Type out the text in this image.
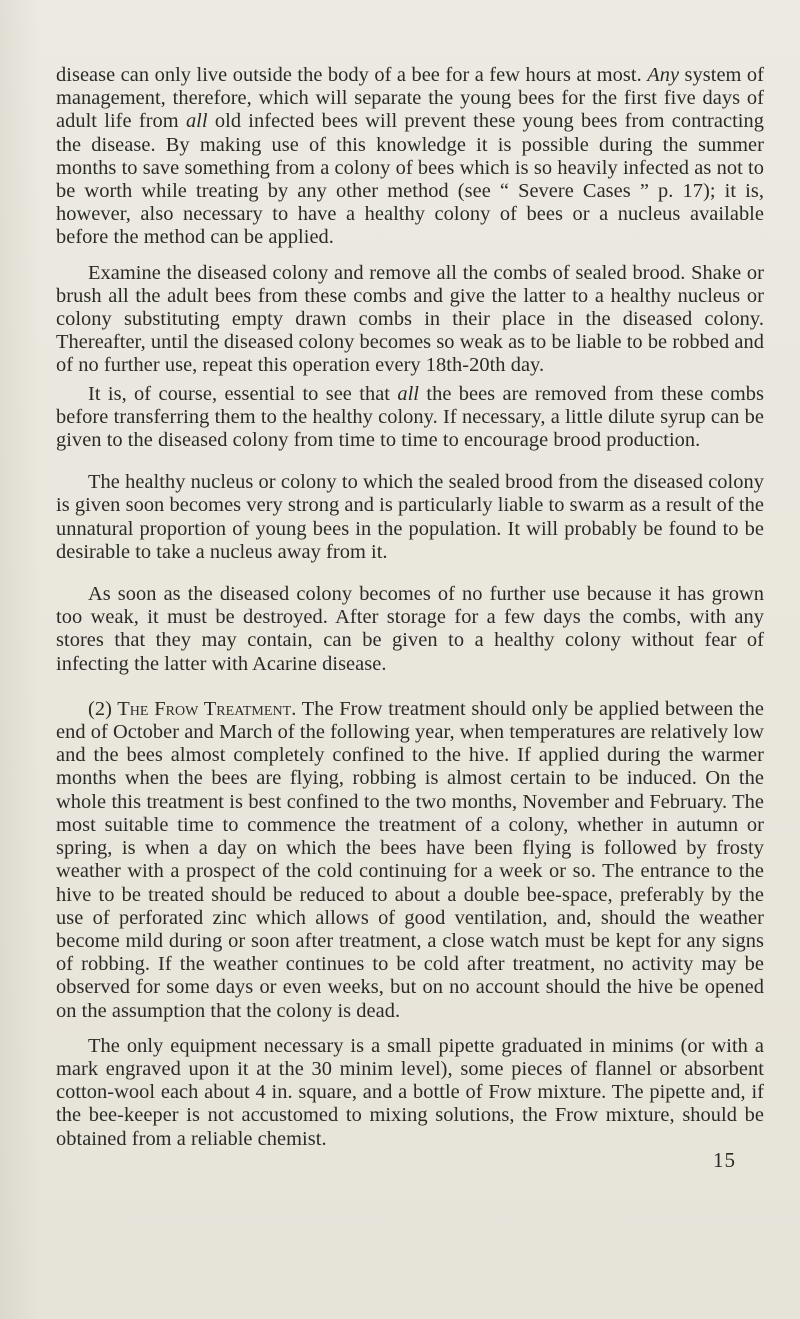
disease can only live outside the body of a bee for a few hours at most. Any system of management, therefore, which will separate the young bees for the first five days of adult life from all old infected bees will prevent these young bees from contracting the disease. By making use of this knowledge it is possible during the summer months to save something from a colony of bees which is so heavily infected as not to be worth while treating by any other method (see “ Severe Cases ” p. 17); it is, however, also necessary to have a healthy colony of bees or a nucleus available before the method can be applied.

Examine the diseased colony and remove all the combs of sealed brood. Shake or brush all the adult bees from these combs and give the latter to a healthy nucleus or colony substituting empty drawn combs in their place in the diseased colony. Thereafter, until the diseased colony becomes so weak as to be liable to be robbed and of no further use, repeat this operation every 18th-20th day.

It is, of course, essential to see that all the bees are removed from these combs before transferring them to the healthy colony. If necessary, a little dilute syrup can be given to the diseased colony from time to time to encourage brood production.

The healthy nucleus or colony to which the sealed brood from the diseased colony is given soon becomes very strong and is particularly liable to swarm as a result of the unnatural proportion of young bees in the population. It will probably be found to be desirable to take a nucleus away from it.

As soon as the diseased colony becomes of no further use because it has grown too weak, it must be destroyed. After storage for a few days the combs, with any stores that they may contain, can be given to a healthy colony without fear of infecting the latter with Acarine disease.

(2) The Frow Treatment. The Frow treatment should only be applied between the end of October and March of the following year, when temperatures are relatively low and the bees almost completely confined to the hive. If applied during the warmer months when the bees are flying, robbing is almost certain to be induced. On the whole this treatment is best confined to the two months, November and February. The most suitable time to commence the treatment of a colony, whether in autumn or spring, is when a day on which the bees have been flying is followed by frosty weather with a prospect of the cold continuing for a week or so. The entrance to the hive to be treated should be reduced to about a double bee-space, preferably by the use of perforated zinc which allows of good ventilation, and, should the weather become mild during or soon after treatment, a close watch must be kept for any signs of robbing. If the weather continues to be cold after treatment, no activity may be observed for some days or even weeks, but on no account should the hive be opened on the assumption that the colony is dead.

The only equipment necessary is a small pipette graduated in minims (or with a mark engraved upon it at the 30 minim level), some pieces of flannel or absorbent cotton-wool each about 4 in. square, and a bottle of Frow mixture. The pipette and, if the bee-keeper is not accustomed to mixing solutions, the Frow mixture, should be obtained from a reliable chemist.

15
